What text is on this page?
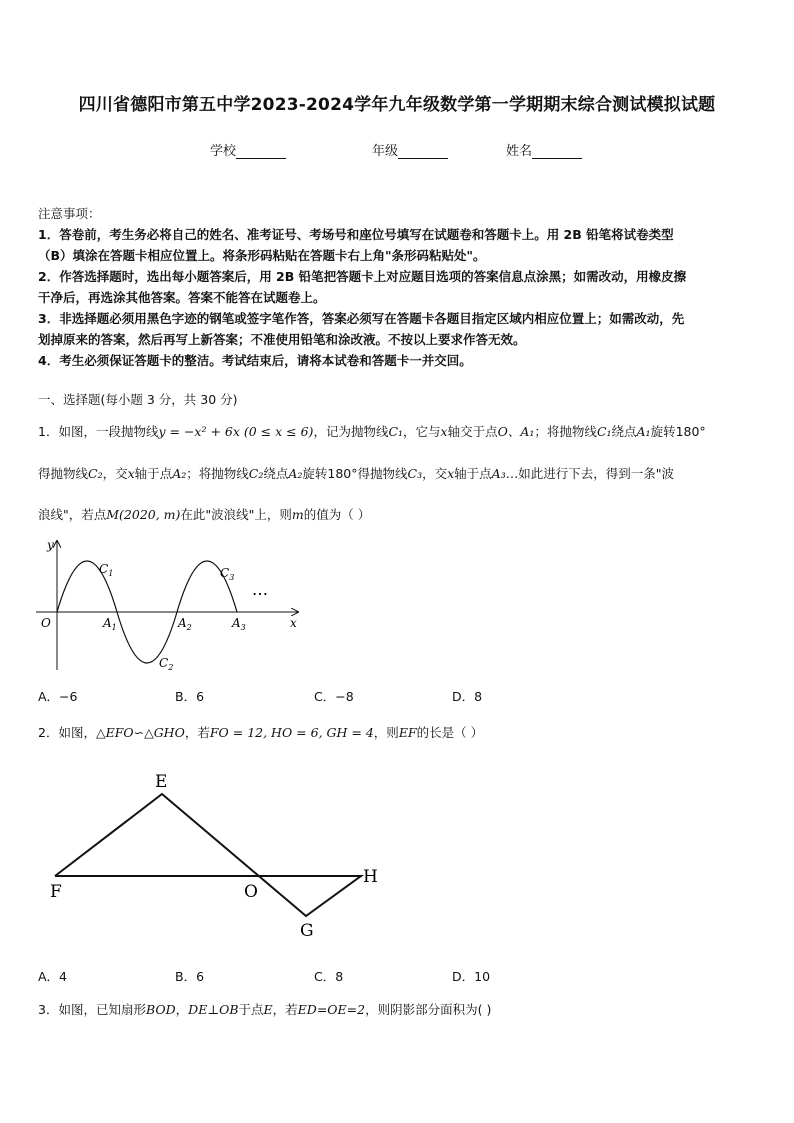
四川省德阳市第五中学2023-2024学年九年级数学第一学期期末综合测试模拟试题
学校	年级	姓名

注意事项：

1．答卷前，考生务必将自己的姓名、准考证号、考场号和座位号填写在试题卷和答题卡上。用 2B 铅笔将试卷类型

（B）填涂在答题卡相应位置上。将条形码粘贴在答题卡右上角"条形码粘贴处"。

2．作答选择题时，选出每小题答案后，用 2B 铅笔把答题卡上对应题目选项的答案信息点涂黑；如需改动，用橡皮擦

干净后，再选涂其他答案。答案不能答在试题卷上。

3．非选择题必须用黑色字迹的钢笔或签字笔作答，答案必须写在答题卡各题目指定区域内相应位置上；如需改动，先

划掉原来的答案，然后再写上新答案；不准使用铅笔和涂改液。不按以上要求作答无效。

4．考生必须保证答题卡的整洁。考试结束后，请将本试卷和答题卡一并交回。

一、选择题(每小题 3 分，共 30 分)
1．如图，一段抛物线y = −x² + 6x (0 ≤ x ≤ 6)，记为抛物线C₁，它与x轴交于点O、A₁；将抛物线C₁绕点A₁旋转180°
得抛物线C₂，交x轴于点A₂；将抛物线C₂绕点A₂旋转180°得抛物线C₃，交x轴于点A₃…如此进行下去，得到一条"波
浪线"，若点M(2020, m)在此"波浪线"上，则m的值为（ ）
y
x
O
$C_1$
$C_2$
$C_3$
$A_1$	$A_2$	$A_3$
…
A．−6	B．6	C．−8	D．8
2．如图，△EFO∽△GHO，若FO = 12, HO = 6, GH = 4，则EF的长是（ ）
E
F	O
H
G
A．4	B．6	C．8	D．10
3．如图，已知扇形BOD，DE⊥OB于点E，若ED=OE=2，则阴影部分面积为( )
